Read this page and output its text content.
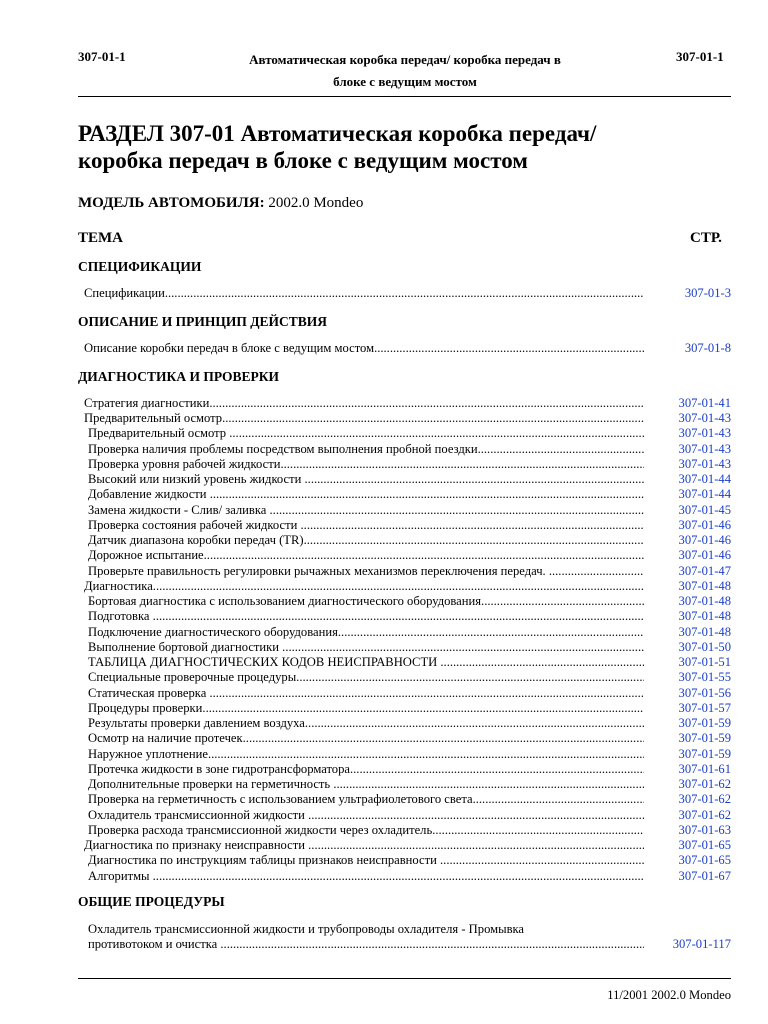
307-01-1	Автоматическая коробка передач/ коробка передач в
блоке с ведущим мостом
307-01-1
РАЗДЕЛ 307-01 Автоматическая коробка передач/
коробка передач в блоке с ведущим мостом
МОДЕЛЬ АВТОМОБИЛЯ: 2002.0 Mondeo
ТЕМА	СТР.
СПЕЦИФИКАЦИИ
ОПИСАНИЕ И ПРИНЦИП ДЕЙСТВИЯ
ДИАГНОСТИКА И ПРОВЕРКИ
ОБЩИЕ ПРОЦЕДУРЫ
Спецификации .....	307-01-3
Описание коробки передач в блоке с ведущим мостом .....	307-01-8
Стратегия диагностики .....	307-01-41
Предварительный осмотр .....	307-01-43
Предварительный осмотр .....	307-01-43
Проверка наличия проблемы посредством выполнения пробной поездки .....	307-01-43
Проверка уровня рабочей жидкости .....	307-01-43
Высокий или низкий уровень жидкости .....	307-01-44
Добавление жидкости .....	307-01-44
Замена жидкости - Слив/ заливка .....	307-01-45
Проверка состояния рабочей жидкости .....	307-01-46
Датчик диапазона коробки передач (TR) .....	307-01-46
Дорожное испытание .....	307-01-46
Проверьте правильность регулировки рычажных механизмов переключения передач. .....	307-01-47
Диагностика .....	307-01-48
Бортовая диагностика с использованием диагностического оборудования .....	307-01-48
Подготовка .....	307-01-48
Подключение диагностического оборудования .....	307-01-48
Выполнение бортовой диагностики .....	307-01-50
ТАБЛИЦА ДИАГНОСТИЧЕСКИХ КОДОВ НЕИСПРАВНОСТИ .....	307-01-51
Специальные проверочные процедуры .....	307-01-55
Статическая проверка .....	307-01-56
Процедуры проверки .....	307-01-57
Результаты проверки давлением воздуха .....	307-01-59
Осмотр на наличие протечек .....	307-01-59
Наружное уплотнение .....	307-01-59
Протечка жидкости в зоне гидротрансформатора .....	307-01-61
Дополнительные проверки на герметичность .....	307-01-62
Проверка на герметичность с использованием ультрафиолетового света .....	307-01-62
Охладитель трансмиссионной жидкости .....	307-01-62
Проверка расхода трансмиссионной жидкости через охладитель .....	307-01-63
Диагностика по признаку неисправности .....	307-01-65
Диагностика по инструкциям таблицы признаков неисправности .....	307-01-65
Алгоритмы .....	307-01-67
Охладитель трансмиссионной жидкости и трубопроводы охладителя - Промывка
противотоком и очистка .....	307-01-117
11/2001 2002.0 Mondeo
